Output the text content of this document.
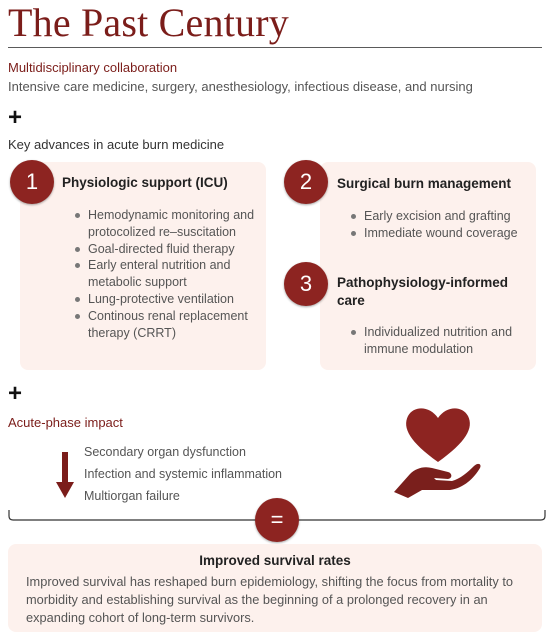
The Past Century
Multidisciplinary collaboration
Intensive care medicine, surgery, anesthesiology, infectious disease, and nursing
+
Key advances in acute burn medicine
1	Physiologic support (ICU)
Hemodynamic monitoring and protocolized re–suscitation
Goal-directed fluid therapy
Early enteral nutrition and metabolic support
Lung-protective ventilation
Continous renal replacement therapy (CRRT)
2	Surgical burn management
Early excision and grafting
Immediate wound coverage
3	Pathophysiology-informed care
Individualized nutrition and immune modulation
+
Acute-phase impact
Secondary organ dysfunction
Infection and systemic inflammation
Multiorgan failure
=
Improved survival rates
Improved survival has reshaped burn epidemiology, shifting the focus from mortality to morbidity and establishing survival as the beginning of a prolonged recovery in an expanding cohort of long-term survivors.
